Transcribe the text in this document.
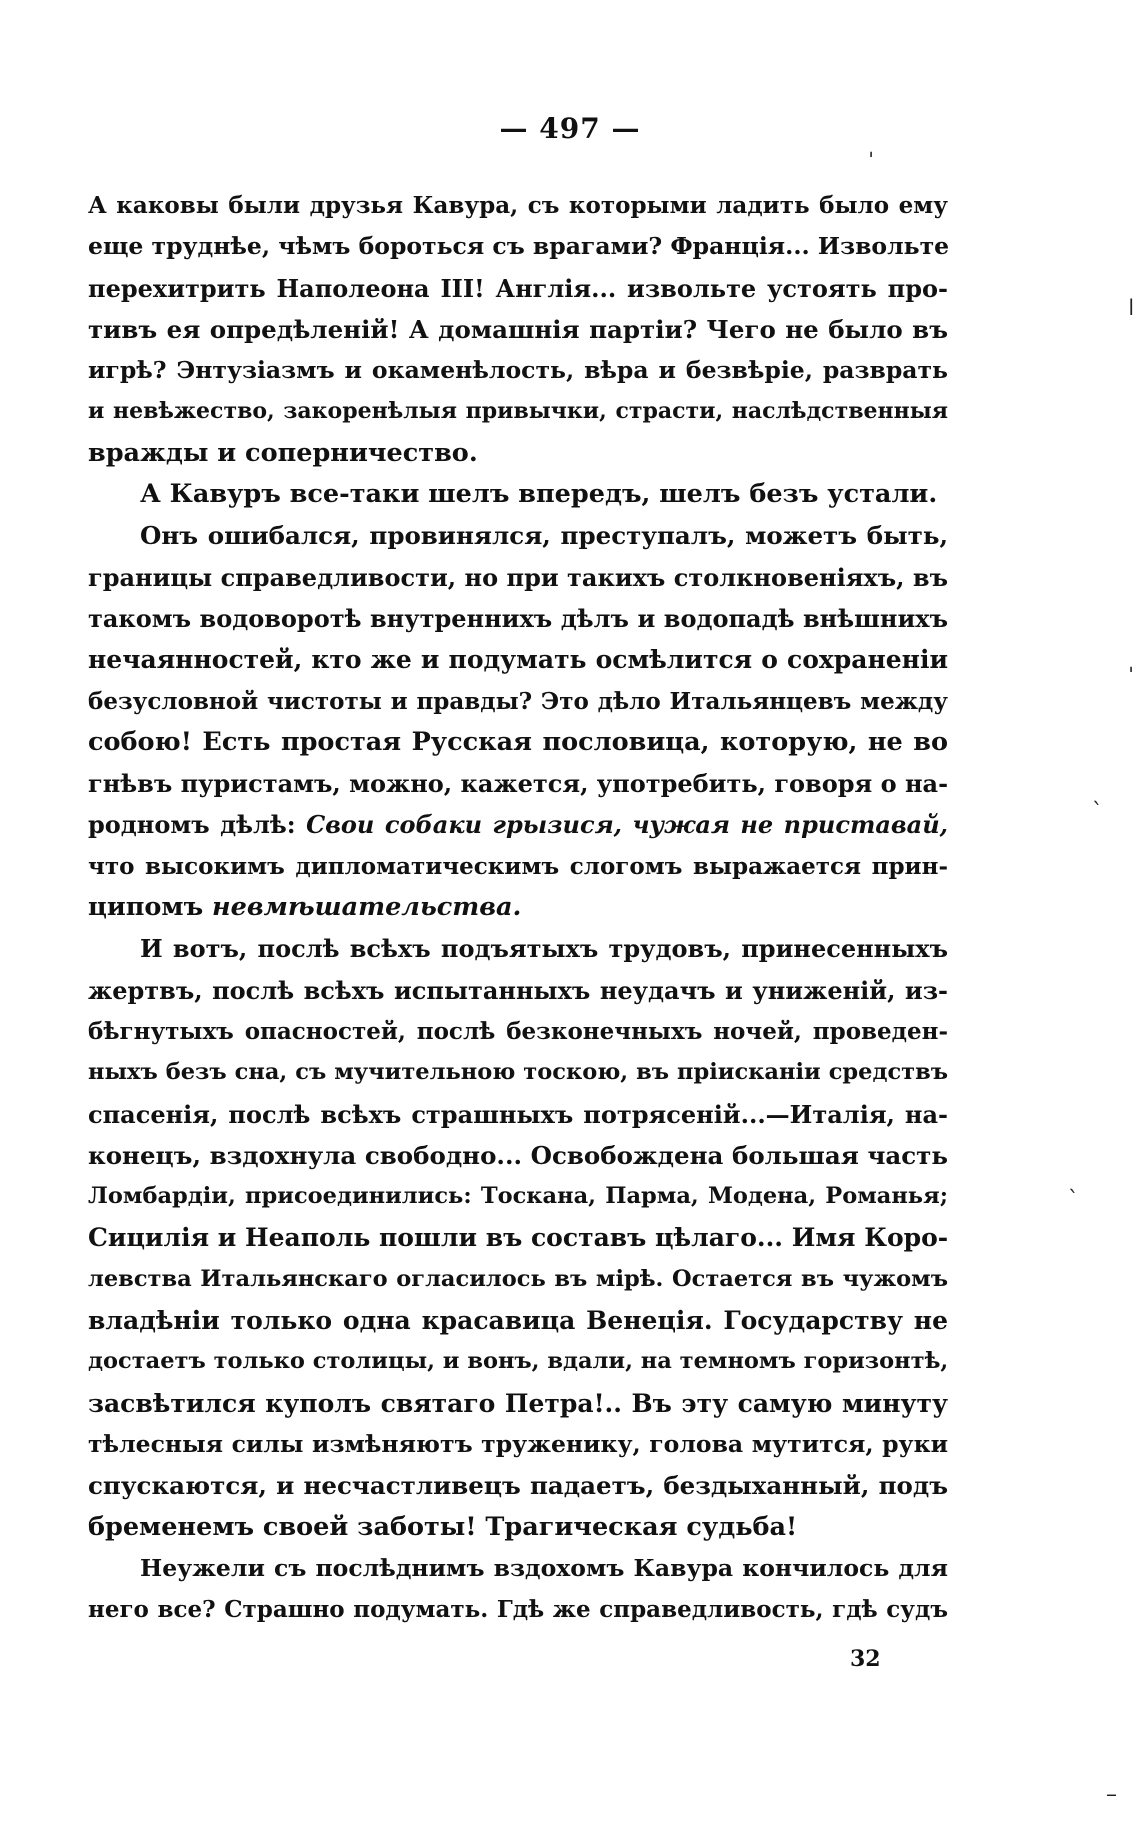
— 497 —
А каковы были друзья Кавура, съ которыми ладить было ему
еще труднѣе, чѣмъ бороться съ врагами? Франція... Извольте
перехитрить Наполеона III! Англія... извольте устоять про-
тивъ ея опредѣленій! А домашнія партіи? Чего не было въ
игрѣ? Энтузіазмъ и окаменѣлость, вѣра и безвѣріе, разврать
и невѣжество, закоренѣлыя привычки, страсти, наслѣдственныя
вражды и соперничество.
А Кавуръ все-таки шелъ впередъ, шелъ безъ устали.
Онъ ошибался, провинялся, преступалъ, можетъ быть,
границы справедливости, но при такихъ столкновеніяхъ, въ
такомъ водоворотѣ внутреннихъ дѣлъ и водопадѣ внѣшнихъ
нечаянностей, кто же и подумать осмѣлится о сохраненіи
безусловной чистоты и правды? Это дѣло Итальянцевъ между
собою! Есть простая Русская пословица, которую, не во
гнѣвъ пуристамъ, можно, кажется, употребить, говоря о на-
родномъ дѣлѣ: Свои собаки грызися, чужая не приставай,
что высокимъ дипломатическимъ слогомъ выражается прин-
ципомъ невмѣшательства.
И вотъ, послѣ всѣхъ подъятыхъ трудовъ, принесенныхъ
жертвъ, послѣ всѣхъ испытанныхъ неудачъ и униженій, из-
бѣгнутыхъ опасностей, послѣ безконечныхъ ночей, проведен-
ныхъ безъ сна, съ мучительною тоскою, въ пріисканіи средствъ
спасенія, послѣ всѣхъ страшныхъ потрясеній...—Италія, на-
конецъ, вздохнула свободно... Освобождена большая часть
Ломбардіи, присоединились: Тоскана, Парма, Модена, Романья;
Сицилія и Неаполь пошли въ составъ цѣлаго... Имя Коро-
левства Итальянскаго огласилось въ мірѣ. Остается въ чужомъ
владѣніи только одна красавица Венеція. Государству не
достаетъ только столицы, и вонъ, вдали, на темномъ горизонтѣ,
засвѣтился куполъ святаго Петра!.. Въ эту самую минуту
тѣлесныя силы измѣняютъ труженику, голова мутится, руки
спускаются, и несчастливецъ падаетъ, бездыханный, подъ
бременемъ своей заботы! Трагическая судьба!
Неужели съ послѣднимъ вздохомъ Кавура кончилось для
него все? Страшно подумать. Гдѣ же справедливость, гдѣ судъ
32
ˈ
ǀ
ˌ
ˋ
ˋ
–
